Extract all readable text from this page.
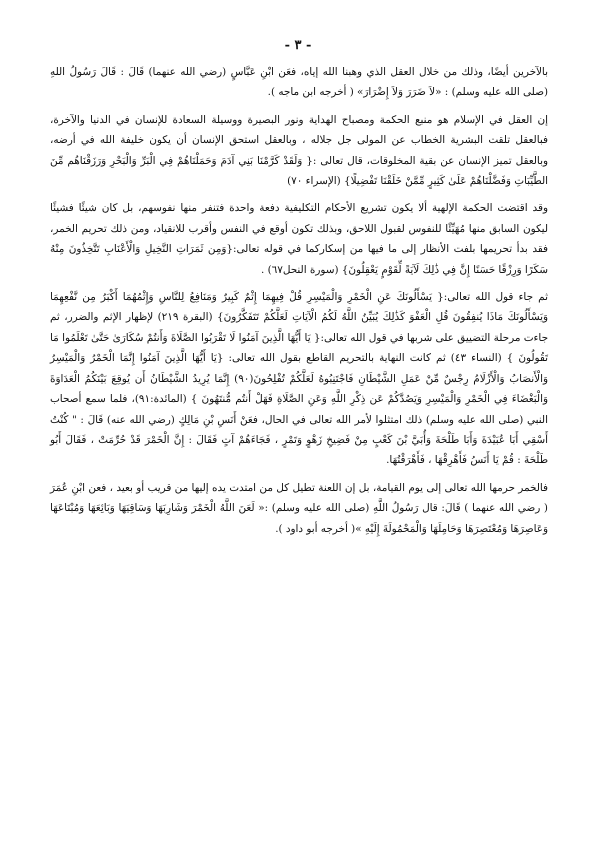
- ٣ -

بالآخرين أيضًا، وذلك من خلال العقل الذي وهبنا الله إياه، فعَن ابْنِ عَبَّاسٍ (رضي الله عنهما) قَالَ : قَالَ رَسُولُ اللهِ (صلى الله عليه وسلم) : «لاَ ضَرَرَ وَلاَ إِضْرَارَ» ( أخرجه ابن ماجه ).

إن العقل في الإسلام هو منبع الحكمة ومصباح الهداية ونور البصيرة ووسيلة السعادة للإنسان في الدنيا والآخرة، فبالعقل تلقت البشرية الخطاب عن المولى جل جلاله ، وبالعقل استحق الإنسان أن يكون خليفة الله في أرضه، وبالعقل تميز الإنسان عن بقية المخلوقات، قال تعالى :{ وَلَقَدْ كَرَّمْنَا بَنِي آدَمَ وَحَمَلْنَاهُمْ فِي الْبَرِّ وَالْبَحْرِ وَرَزَقْنَاهُم مِّنَ الطَّيِّبَاتِ وَفَضَّلْنَاهُمْ عَلَىٰ كَثِيرٍ مِّمَّنْ خَلَقْنَا تَفْضِيلًا} (الإسراء ٧٠)

وقد اقتضت الحكمة الإلهية ألا يكون تشريع الأحكام التكليفية دفعة واحدة فتنفر منها نفوسهم، بل كان شيئًا فشيئًا ليكون السابق منها مُهَيِّئًا للنفوس لقبول اللاحق، وبذلك تكون أوقع في النفس وأقرب للانقياد، ومن ذلك تحريم الخمر، فقد بدأ تحريمها بلفت الأنظار إلى ما فيها من إسكاركما في قوله تعالى:{وَمِن ثَمَرَاتِ النَّخِيلِ وَالْأَعْنَابِ تَتَّخِذُونَ مِنْهُ سَكَرًا وَرِزْقًا حَسَنًا إِنَّ فِي ذَٰلِكَ لَآيَةً لِّقَوْمٍ يَعْقِلُونَ} (سورة النحل٦٧) .

ثم جاء قول الله تعالى:{ يَسْأَلُونَكَ عَنِ الْخَمْرِ وَالْمَيْسِرِ قُلْ فِيهِمَا إِثْمٌ كَبِيرٌ وَمَنَافِعُ لِلنَّاسِ وَإِثْمُهُمَا أَكْبَرُ مِن نَّفْعِهِمَا وَيَسْأَلُونَكَ مَاذَا يُنفِقُونَ قُلِ الْعَفْوَ كَذَٰلِكَ يُبَيِّنُ اللَّهُ لَكُمُ الْآيَاتِ لَعَلَّكُمْ تَتَفَكَّرُونَ} (البقرة ٢١٩) لإظهار الإثم والضرر، ثم جاءت مرحلة التضييق على شربها في قول الله تعالى:{ يَا أَيُّهَا الَّذِينَ آمَنُوا لَا تَقْرَبُوا الصَّلَاةَ وَأَنتُمْ سُكَارَىٰ حَتَّىٰ تَعْلَمُوا مَا تَقُولُونَ } (النساء ٤٣) ثم كانت النهاية بالتحريم القاطع بقول الله تعالى: {يَا أَيُّهَا الَّذِينَ آمَنُوا إِنَّمَا الْخَمْرُ وَالْمَيْسِرُ وَالْأَنصَابُ وَالْأَزْلَامُ رِجْسٌ مِّنْ عَمَلِ الشَّيْطَانِ فَاجْتَنِبُوهُ لَعَلَّكُمْ تُفْلِحُونَ(٩٠) إِنَّمَا يُرِيدُ الشَّيْطَانُ أَن يُوقِعَ بَيْنَكُمُ الْعَدَاوَةَ وَالْبَغْضَاءَ فِي الْخَمْرِ وَالْمَيْسِرِ وَيَصُدَّكُمْ عَن ذِكْرِ اللَّهِ وَعَنِ الصَّلَاةِ فَهَلْ أَنتُم مُّنتَهُونَ } (المائدة:٩١)، فلما سمع أصحاب النبي (صلى الله عليه وسلم) ذلك امتثلوا لأمر الله تعالى في الحال، فعَنْ أَنَسِ بْنِ مَالِكٍ (رضي الله عنه) قَالَ : " كُنْتُ أَسْقِي أَبَا عُبَيْدَةَ وَأَبَا طَلْحَةَ وَأُبَيَّ بْنَ كَعْبٍ مِنْ فَضِيخِ زَهْوٍ وَتَمْرٍ ، فَجَاءَهُمْ آتٍ فَقَالَ : إِنَّ الْخَمْرَ قَدْ حُرِّمَتْ ، فَقَالَ أَبُو طَلْحَةَ : قُمْ يَا أَنَسُ فَأَهْرِقْهَا ، فَأَهْرَقْتُهَا.

فالخمر حرمها الله تعالى إلى يوم القيامة، بل إن اللعنة تطيل كل من امتدت يده إليها من قريب أو بعيد ، فعن ابْنِ عُمَرَ ( رضي الله عنهما ) قَالَ: قال رَسُولُ اللَّهِ (صلى الله عليه وسلم) :« لَعَنَ اللَّهُ الْخَمْرَ وَشَارِبَهَا وَسَاقِيَهَا وَبَائِعَهَا وَمُبْتَاعَهَا وَعَاصِرَهَا وَمُعْتَصِرَهَا وَحَامِلَهَا وَالْمَحْمُولَةَ إِلَيْهِ »( أخرجه أبو داود ).
